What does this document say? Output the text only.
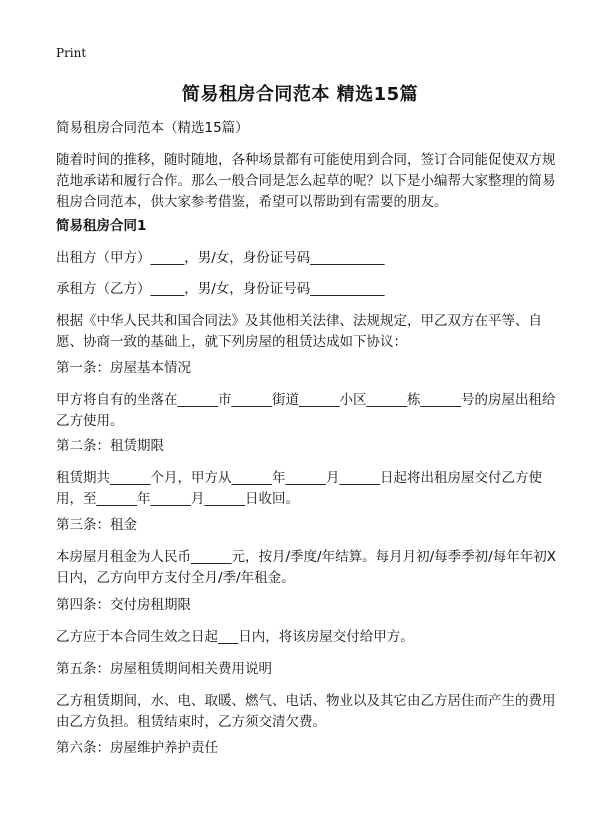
Print
简易租房合同范本 精选15篇

简易租房合同范本（精选15篇）

随着时间的推移，随时随地，各种场景都有可能使用到合同，签订合同能促使双方规范地承诺和履行合作。那么一般合同是怎么起草的呢？以下是小编帮大家整理的简易租房合同范本，供大家参考借鉴，希望可以帮助到有需要的朋友。

简易租房合同1

出租方（甲方）_____，男/女，身份证号码___________

承租方（乙方）_____，男/女，身份证号码___________

根据《中华人民共和国合同法》及其他相关法律、法规规定，甲乙双方在平等、自愿、协商一致的基础上，就下列房屋的租赁达成如下协议：

第一条：房屋基本情况

甲方将自有的坐落在______市______街道______小区______栋______号的房屋出租给乙方使用。

第二条：租赁期限

租赁期共______个月，甲方从______年______月______日起将出租房屋交付乙方使用，至______年______月______日收回。

第三条：租金

本房屋月租金为人民币______元，按月/季度/年结算。每月月初/每季季初/每年年初X日内，乙方向甲方支付全月/季/年租金。

第四条：交付房租期限

乙方应于本合同生效之日起___日内，将该房屋交付给甲方。

第五条：房屋租赁期间相关费用说明

乙方租赁期间，水、电、取暖、燃气、电话、物业以及其它由乙方居住而产生的费用由乙方负担。租赁结束时，乙方须交清欠费。

第六条：房屋维护养护责任
